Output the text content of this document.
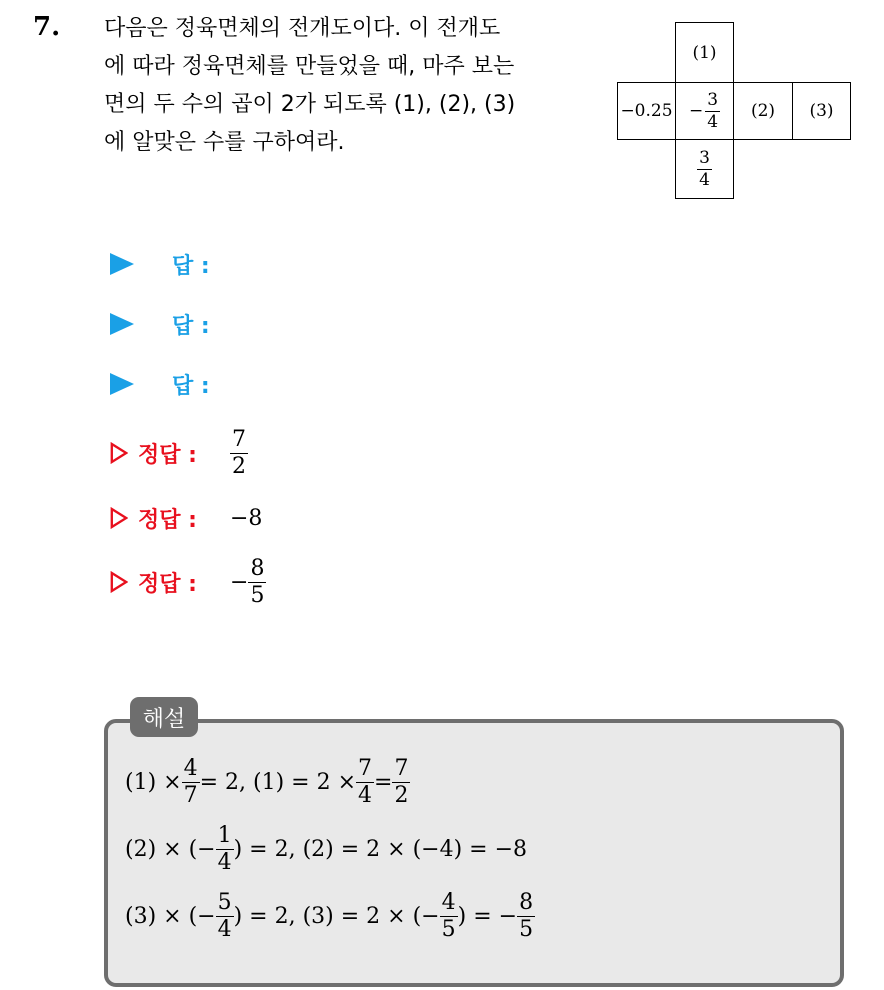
7. 다음은 정육면체의 전개도이다. 이 전개도
에 따라 정육면체를 만들었을 때, 마주 보는
면의 두 수의 곱이 2가 되도록 (1), (2), (3)
에 알맞은 수를 구하여라.
(1)
$-0.25 - \frac{3}{4} (2)$ (3)
$\frac{3}{4}$
답 :
답 :
답 :
정답 :	$\frac{7}{2}$
정답 :	−8
정답 :	− $\frac{8}{5}$
해설
$(1) \times \frac{4}{7} = 2$, $(1) = 2 \times \frac{7}{4} = \frac{7}{2}$
(2) × (− $\frac{1}{4}$ ) = 2, (2) = 2 × (−4) = −8
(3) × (− $\frac{5}{4}$ ) = 2, (3) = 2 × (− $\frac{4}{5}$ ) = − $\frac{8}{5}$
